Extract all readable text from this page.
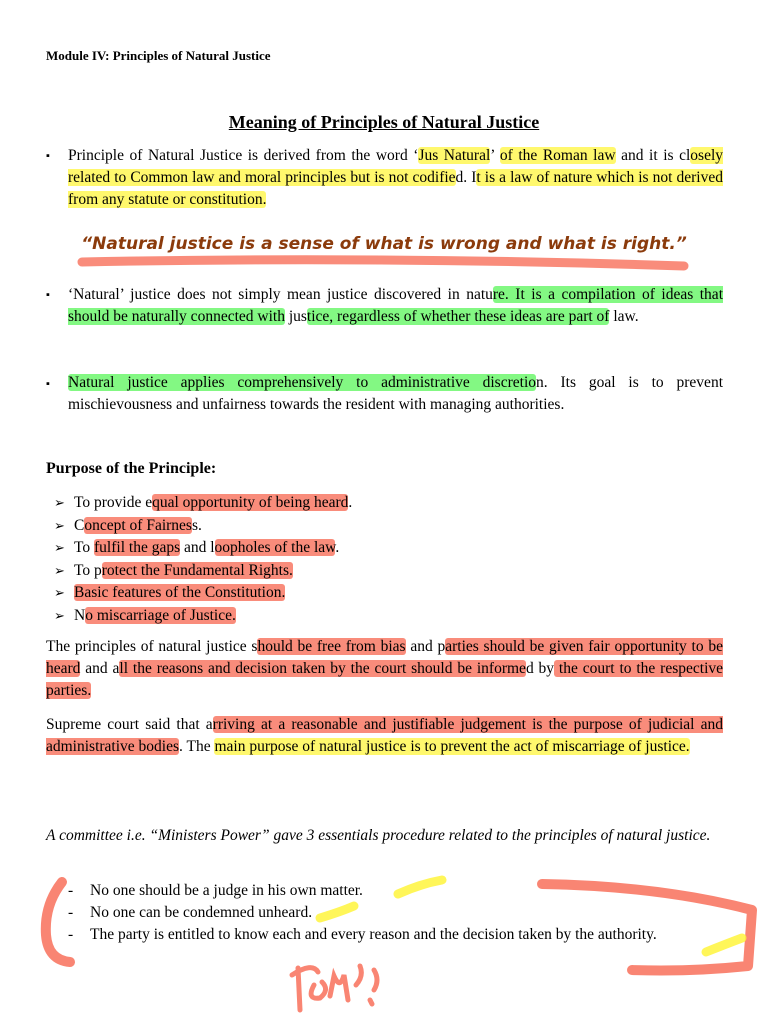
Module IV: Principles of Natural Justice
Meaning of Principles of Natural Justice
▪ Principle of Natural Justice is derived from the word ‘Jus Natural’ of the Roman law and it is closely related to Common law and moral principles but is not codified. It is a law of nature which is not derived from any statute or constitution.
“Natural justice is a sense of what is wrong and what is right.”
▪ ‘Natural’ justice does not simply mean justice discovered in nature. It is a compilation of ideas that should be naturally connected with justice, regardless of whether these ideas are part of law.
▪ Natural justice applies comprehensively to administrative discretion. Its goal is to prevent mischievousness and unfairness towards the resident with managing authorities.
Purpose of the Principle:
➢ To provide equal opportunity of being heard.
➢ Concept of Fairness.
➢ To fulfil the gaps and loopholes of the law.
➢ To protect the Fundamental Rights.
➢ Basic features of the Constitution.
➢ No miscarriage of Justice.
The principles of natural justice should be free from bias and parties should be given fair opportunity to be heard and all the reasons and decision taken by the court should be informed by the court to the respective parties.
Supreme court said that arriving at a reasonable and justifiable judgement is the purpose of judicial and administrative bodies. The main purpose of natural justice is to prevent the act of miscarriage of justice.
A committee i.e. “Ministers Power” gave 3 essentials procedure related to the principles of natural justice.
-	No one should be a judge in his own matter.
-	No one can be condemned unheard.
-	The party is entitled to know each and every reason and the decision taken by the authority.
